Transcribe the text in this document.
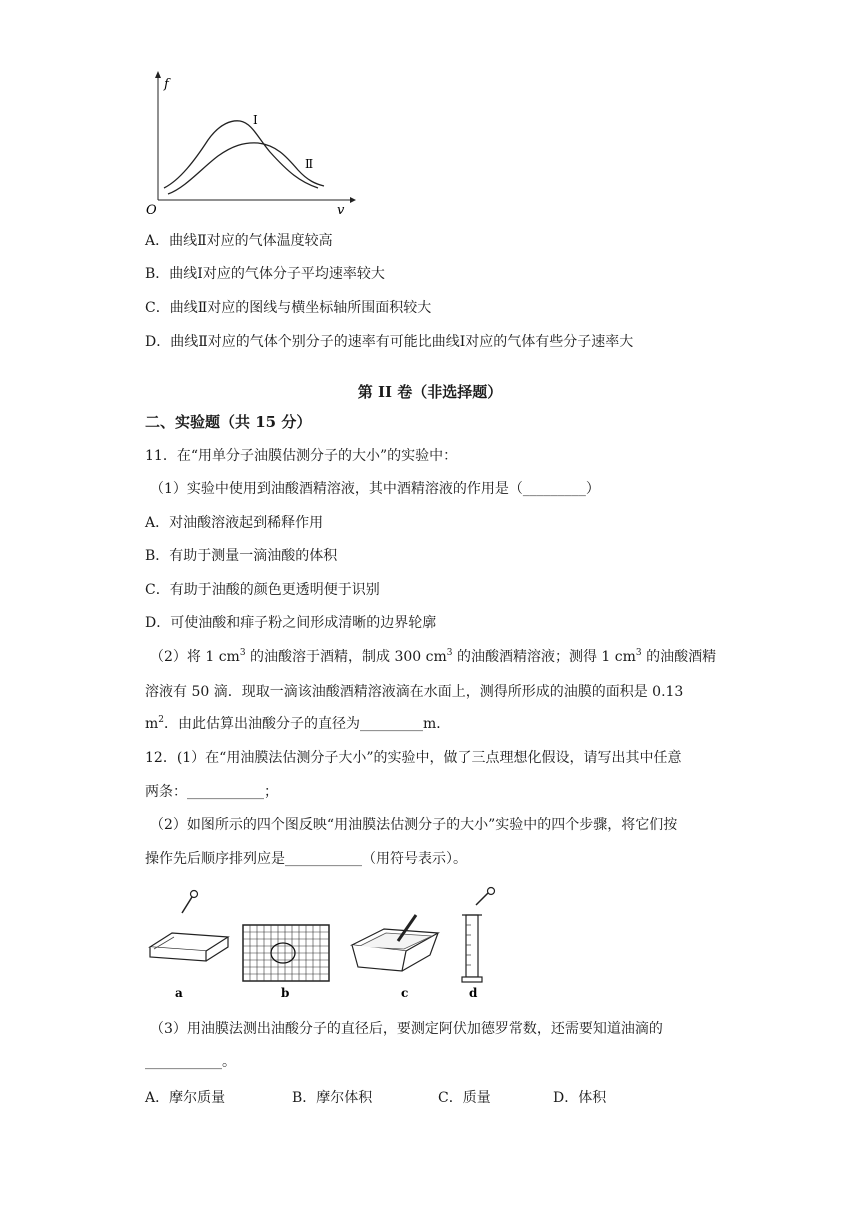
f
v
O
Ⅰ
Ⅱ
A．曲线Ⅱ对应的气体温度较高
B．曲线Ⅰ对应的气体分子平均速率较大
C．曲线Ⅱ对应的图线与横坐标轴所围面积较大
D．曲线Ⅱ对应的气体个别分子的速率有可能比曲线Ⅰ对应的气体有些分子速率大
第 II 卷（非选择题）
二、实验题（共 15 分）
11．在“用单分子油膜估测分子的大小”的实验中：
（1）实验中使用到油酸酒精溶液，其中酒精溶液的作用是（_________）
A．对油酸溶液起到稀释作用
B．有助于测量一滴油酸的体积
C．有助于油酸的颜色更透明便于识别
D．可使油酸和痱子粉之间形成清晰的边界轮廓
（2）将 1 $cm^3$ 的油酸溶于酒精，制成 300 $cm^3$ 的油酸酒精溶液；测得 1 $cm^3$ 的油酸酒精
溶液有 50 滴．现取一滴该油酸酒精溶液滴在水面上，测得所形成的油膜的面积是 0.13
$m^2$．由此估算出油酸分子的直径为_________m．
12．(1）在“用油膜法估测分子大小”的实验中，做了三点理想化假设，请写出其中任意
两条：___________；
（2）如图所示的四个图反映“用油膜法估测分子的大小”实验中的四个步骤，将它们按
操作先后顺序排列应是___________（用符号表示）。
a	b	c	d
（3）用油膜法测出油酸分子的直径后，要测定阿伏加德罗常数，还需要知道油滴的
___________。
A．摩尔质量	B．摩尔体积	C．质量	D．体积
